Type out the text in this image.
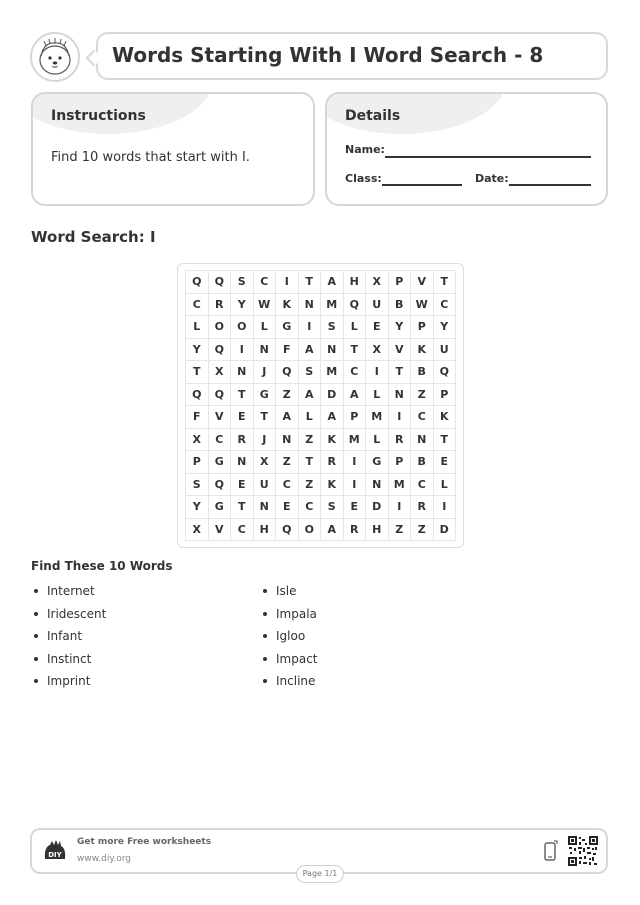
Words Starting With I Word Search - 8
Instructions
Find 10 words that start with I.
Details
Name:
Class:	Date:
Word Search: I
Q	Q	S	C	I	T	A	H	X	P	V	T
C	R	Y	W	K	N	M	Q	U	B	W	C
L	O	O	L	G	I	S	L	E	Y	P	Y
Y	Q	I	N	F	A	N	T	X	V	K	U
T	X	N	J	Q	S	M	C	I	T	B	Q
Q	Q	T	G	Z	A	D	A	L	N	Z	P
F	V	E	T	A	L	A	P	M	I	C	K
X	C	R	J	N	Z	K	M	L	R	N	T
P	G	N	X	Z	T	R	I	G	P	B	E
S	Q	E	U	C	Z	K	I	N	M	C	L
Y	G	T	N	E	C	S	E	D	I	R	I
X	V	C	H	Q	O	A	R	H	Z	Z	D
Find These 10 Words
Internet
Iridescent
Infant
Instinct
Imprint
Isle
Impala
Igloo
Impact
Incline
DIY
Get more Free worksheets
www.diy.org
Page 1/1
